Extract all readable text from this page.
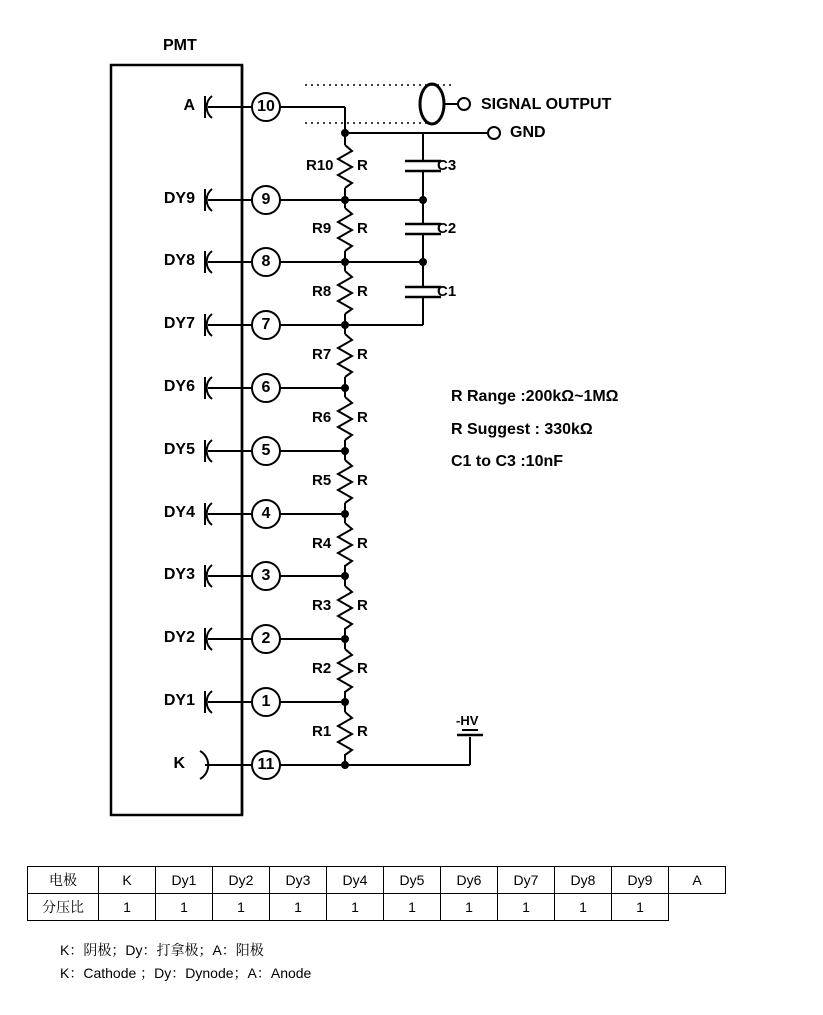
PMT
A
DY9
DY8
DY7
DY6
DY5
DY4
DY3
DY2
DY1
K
10
9
8
7
6
5
4
3
2
1
11
R10 R
R9 R
R8 R
R7 R
R6 R
R5 R
R4 R
R3 R
R2 R
R1 R
C3
C2
C1
SIGNAL OUTPUT
GND
-HV
R Range :200kΩ~1MΩ
R Suggest : 330kΩ
C1 to C3 :10nF
电极	K	Dy1	Dy2	Dy3	Dy4	Dy5	Dy6	Dy7	Dy8	Dy9	A
分压比	1	1	1	1	1	1	1	1	1	1	
K：阴极；Dy：打拿极；A：阳极
K：Cathode ；Dy：Dynode；A：Anode
